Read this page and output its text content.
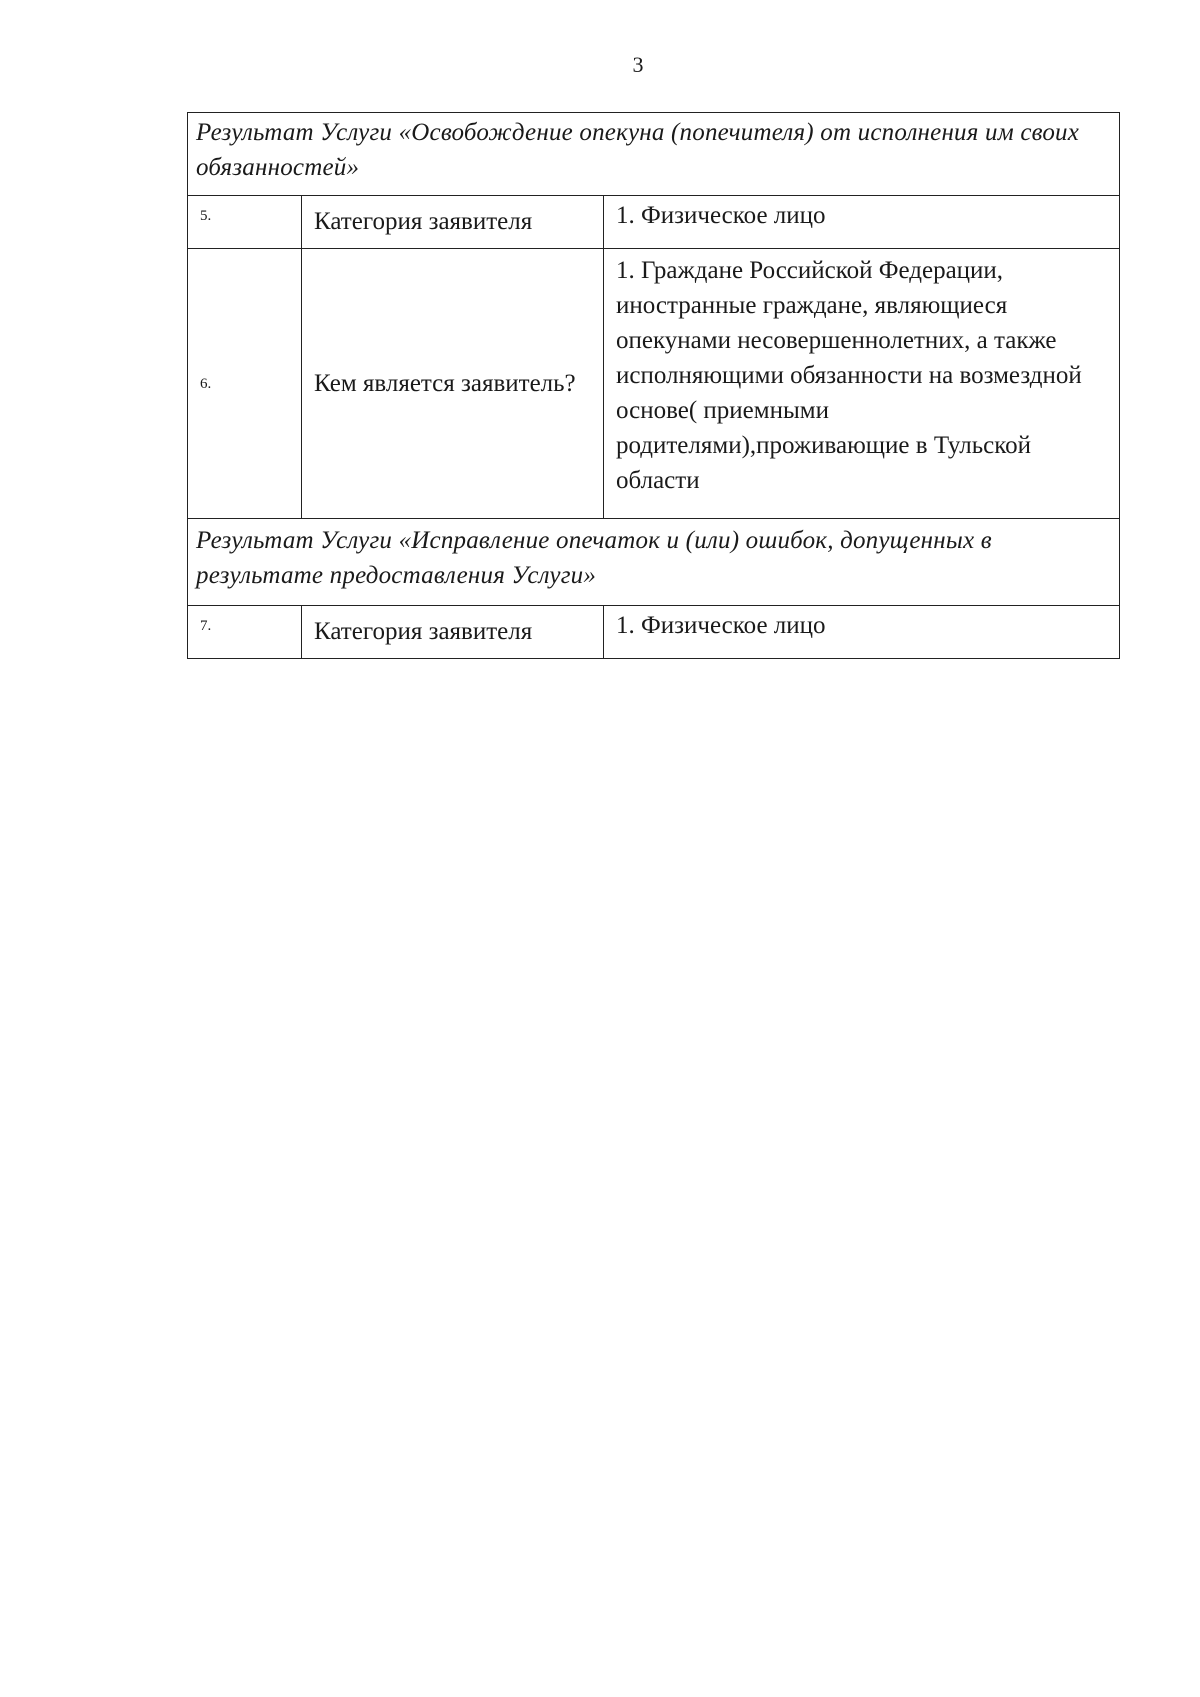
3
Результат Услуги «Освобождение опекуна (попечителя) от исполнения им своих обязанностей»		
5.	Категория заявителя	1. Физическое лицо
6.	Кем является заявитель?	1. Граждане Российской Федерации, иностранные граждане, являющиеся опекунами несовершеннолетних, а также исполняющими обязанности на возмездной основе( приемными родителями),проживающие в Тульской области
Результат Услуги «Исправление опечаток и (или) ошибок, допущенных в результате предоставления Услуги»		
7.	Категория заявителя	1. Физическое лицо
